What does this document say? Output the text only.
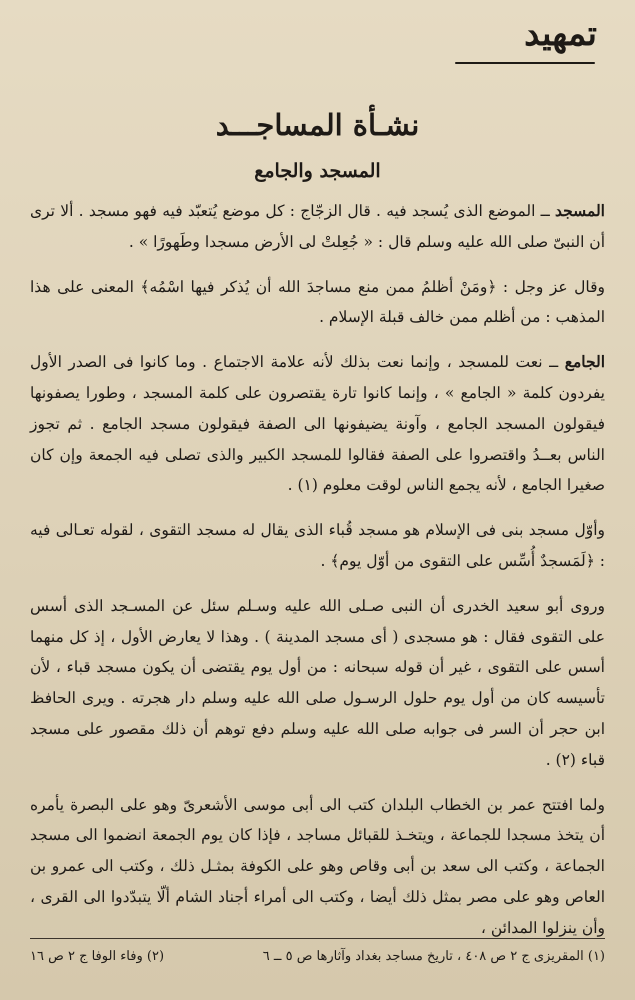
تمهيد
نشـأة المساجـــد
المسجد والجامع

المسجد ــ الموضع الذى يُسجد فيه . قال الزجّاج : كل موضع يُتعبّد فيه فهو مسجد . ألا ترى أن النبىّ صلى الله عليه وسلم قال : « جُعِلتْ لى الأرض مسجدا وطَهورًا » .

وقال عز وجل : ﴿ومَنْ أظلمُ ممن منع مساجدَ الله أن يُذكر فيها اسْمُه﴾ المعنى على هذا المذهب : من أظلم ممن خالف قبلة الإسلام .

الجامع ــ نعت للمسجد ، وإنما نعت بذلك لأنه علامة الاجتماع . وما كانوا فى الصدر الأول يفردون كلمة « الجامع » ، وإنما كانوا تارة يقتصرون على كلمة المسجد ، وطورا يصفونها فيقولون المسجد الجامع ، وآونة يضيفونها الى الصفة فيقولون مسجد الجامع . ثم تجوز الناس بعــدُ واقتصروا على الصفة فقالوا للمسجد الكبير والذى تصلى فيه الجمعة وإن كان صغيرا الجامع ، لأنه يجمع الناس لوقت معلوم (١) .

وأوّل مسجد بنى فى الإسلام هو مسجد قُباء الذى يقال له مسجد التقوى ، لقوله تعـالى فيه : ﴿لَمَسجدٌ أُسِّس على التقوى من أوّل يوم﴾ .

وروى أبو سعيد الخدرى أن النبى صـلى الله عليه وسـلم سئل عن المسـجد الذى أسس على التقوى فقال : هو مسجدى ( أى مسجد المدينة ) . وهذا لا يعارض الأول ، إذ كل منهما أسس على التقوى ، غير أن قوله سبحانه : من أول يوم يقتضى أن يكون مسجد قباء ، لأن تأسيسه كان من أول يوم حلول الرسـول صلى الله عليه وسلم دار هجرته . ويرى الحافظ ابن حجر أن السر فى جوابه صلى الله عليه وسلم دفع توهم أن ذلك مقصور على مسجد قباء (٢) .

ولما افتتح عمر بن الخطاب البلدان كتب الى أبى موسى الأشعرىّ وهو على البصرة يأمره أن يتخذ مسجدا للجماعة ، ويتخـذ للقبائل مساجد ، فإذا كان يوم الجمعة انضموا الى مسجد الجماعة ، وكتب الى سعد بن أبى وقاص وهو على الكوفة بمثـل ذلك ، وكتب الى عمرو بن العاص وهو على مصر بمثل ذلك أيضا ، وكتب الى أمراء أجناد الشام ألّا يتبدّدوا الى القرى ، وأن ينزلوا المدائن ،

(١) المقريزى ج ٢ ص ٤٠٨ ، تاريخ مساجد بغداد وآثارها ص ٥ ــ ٦
(٢) وفاء الوفا ج ٢ ص ١٦
